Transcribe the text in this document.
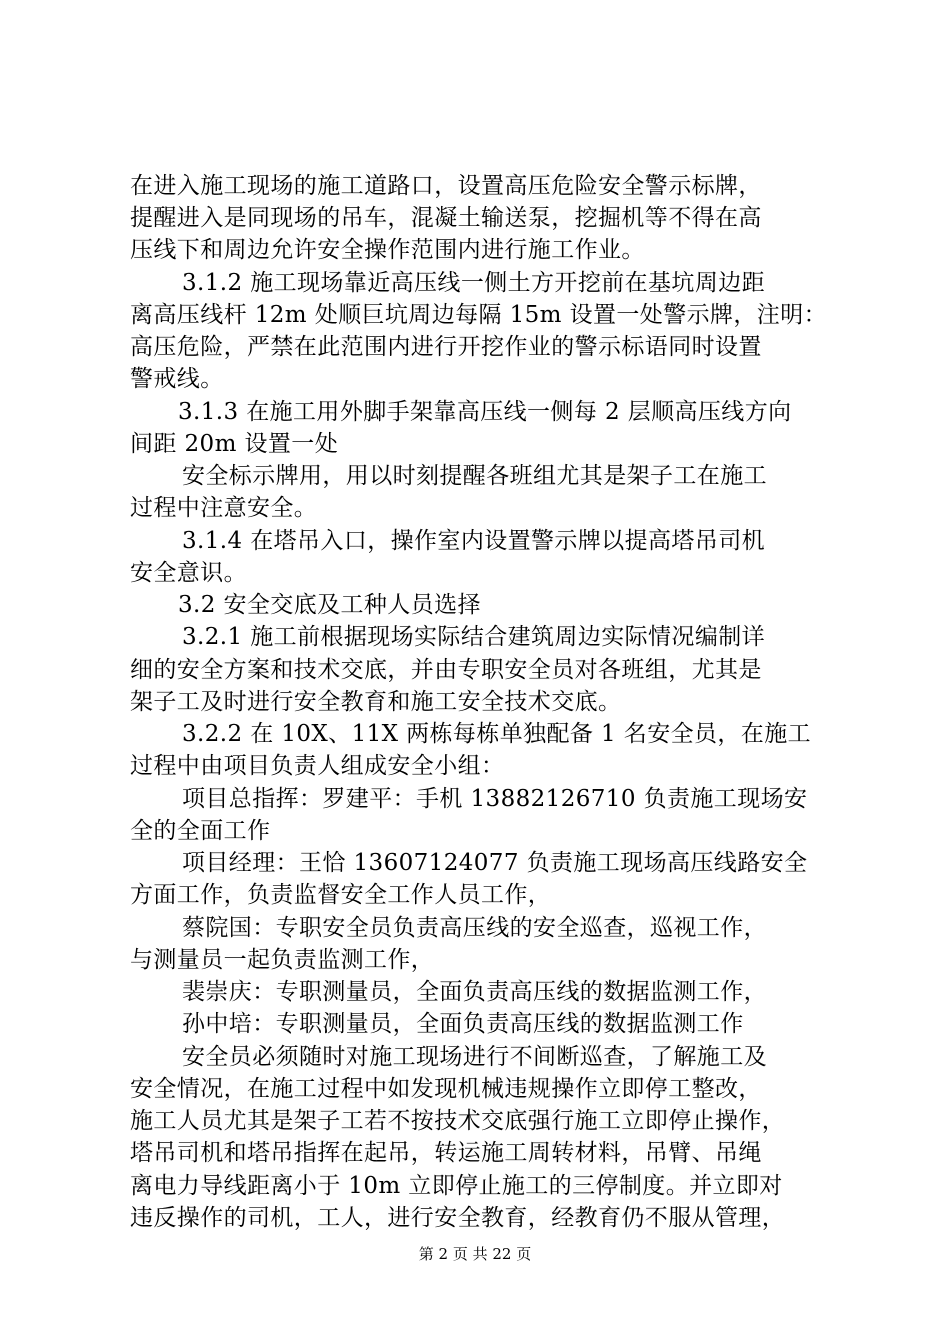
在进入施工现场的施工道路口，设置高压危险安全警示标牌，
提醒进入是同现场的吊车，混凝土输送泵，挖掘机等不得在高
压线下和周边允许安全操作范围内进行施工作业。
3.1.2 施工现场靠近高压线一侧土方开挖前在基坑周边距
离高压线杆 12m 处顺巨坑周边每隔 15m 设置一处警示牌，注明：
高压危险，严禁在此范围内进行开挖作业的警示标语同时设置
警戒线。
3.1.3 在施工用外脚手架靠高压线一侧每 2 层顺高压线方向
间距 20m 设置一处
安全标示牌用，用以时刻提醒各班组尤其是架子工在施工
过程中注意安全。
3.1.4 在塔吊入口，操作室内设置警示牌以提高塔吊司机
安全意识。
3.2 安全交底及工种人员选择
3.2.1 施工前根据现场实际结合建筑周边实际情况编制详
细的安全方案和技术交底，并由专职安全员对各班组，尤其是
架子工及时进行安全教育和施工安全技术交底。
3.2.2 在 10X、11X 两栋每栋单独配备 1 名安全员，在施工
过程中由项目负责人组成安全小组：
项目总指挥：罗建平：手机 13882126710 负责施工现场安
全的全面工作
项目经理：王恰 13607124077 负责施工现场高压线路安全
方面工作，负责监督安全工作人员工作，
蔡院国：专职安全员负责高压线的安全巡查，巡视工作，
与测量员一起负责监测工作，
裴崇庆：专职测量员，全面负责高压线的数据监测工作，
孙中培：专职测量员，全面负责高压线的数据监测工作
安全员必须随时对施工现场进行不间断巡查，了解施工及
安全情况，在施工过程中如发现机械违规操作立即停工整改，
施工人员尤其是架子工若不按技术交底强行施工立即停止操作，
塔吊司机和塔吊指挥在起吊，转运施工周转材料，吊臂、吊绳
离电力导线距离小于 10m 立即停止施工的三停制度。并立即对
违反操作的司机，工人，进行安全教育，经教育仍不服从管理，
第 2 页 共 22 页
